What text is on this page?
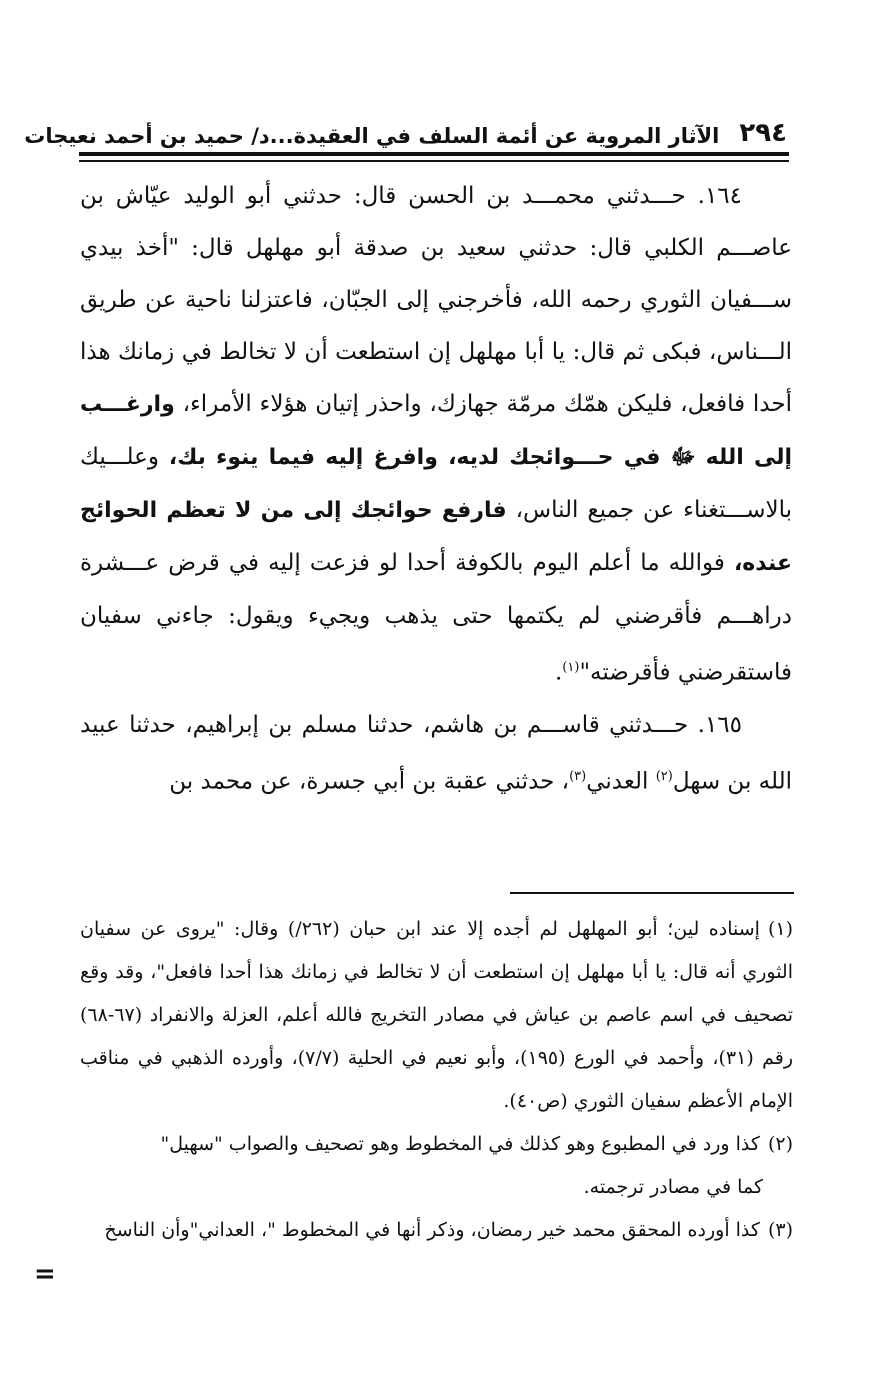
٢٩٤
الآثار المروية عن أئمة السلف في العقيدة...د/ حميد بن أحمد نعيجات

١٦٤. حـــدثني محمـــد بن الحسن قال: حدثني أبو الوليد عيّاش بن عاصـــم الكلبي قال: حدثني سعيد بن صدقة أبو مهلهل قال: "أخذ بيدي ســـفيان الثوري رحمه الله، فأخرجني إلى الجبّان، فاعتزلنا ناحية عن طريق الـــناس، فبكى ثم قال: يا أبا مهلهل إن استطعت أن لا تخالط في زمانك هذا أحدا فافعل، فليكن همّك مرمّة جهازك، واحذر إتيان هؤلاء الأمراء، وارغـــب إلى الله ﷻ في حـــوائجك لديه، وافرغ إليه فيما ينوء بك، وعلـــيك بالاســـتغناء عن جميع الناس، فارفع حوائجك إلى من لا تعظم الحوائج عنده، فوالله ما أعلم اليوم بالكوفة أحدا لو فزعت إليه في قرض عـــشرة دراهـــم فأقرضني لم يكتمها حتى يذهب ويجيء ويقول: جاءني سفيان فاستقرضني فأقرضته"$^{(١)}$.

١٦٥. حـــدثني قاســـم بن هاشم، حدثنا مسلم بن إبراهيم، حدثنا عبيد الله بن سهل$^{(٢)}$ العدني$^{(٣)}$، حدثني عقبة بن أبي جسرة، عن محمد بن

(١)إسناده لين؛ أبو المهلهل لم أجده إلا عند ابن حبان (٢٦٢/) وقال: "يروى عن سفيان الثوري أنه قال: يا أبا مهلهل إن استطعت أن لا تخالط في زمانك هذا أحدا فافعل"، وقد وقع تصحيف في اسم عاصم بن عياش في مصادر التخريج فالله أعلم، العزلة والانفراد (٦٧-٦٨) رقم (٣١)، وأحمد في الورع (١٩٥)، وأبو نعيم في الحلية (٧/٧)، وأورده الذهبي في مناقب الإمام الأعظم سفيان الثوري (ص٤٠).

(٢)كذا ورد في المطبوع وهو كذلك في المخطوط وهو تصحيف والصواب "سهيل"

كما في مصادر ترجمته.

(٣)كذا أورده المحقق محمد خير رمضان، وذكر أنها في المخطوط "، العداني"وأن الناسخ

=
